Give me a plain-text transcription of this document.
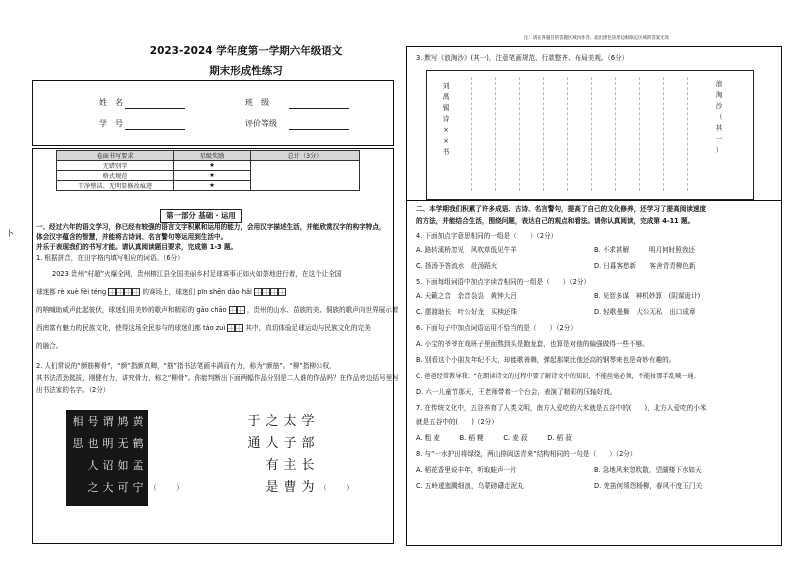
卜
2023-2024 学年度第一学期六年级语文
期末形成性练习
姓　名	班　级
学　号	评价等级
卷面书写要求	星级奖励	总计（3分）
无错别字	★	
格式规范	★	
干净整洁、无明显修改痕迹	★	
第一部分 基础 · 运用
一、经过六年的语文学习，你已经有较强的语言文字积累和运用的能力，会用汉字描述生活，并能欣赏汉字的构字特点，体会汉字蕴含的智慧，并能将古诗词、名言警句等运用到生活中。
并乐于表现我们的书写才能。请认真阅读题目要求，完成第 1-3 题。
1. 根据拼音，在田字格内填写相应的词语。（6分）
2023 贵州“村超”火爆全网，贵州榕江县全国美丽乡村足球赛事正如火如荼地进行着，在这个让全国
球迷都 rè xuè fèi téng	的赛场上，球迷们 pīn shēn dào hǎi
的呐喊助威声此起彼伏，球迷们用美妙的歌声和精彩的 gāo chāo	，贵州的山水、苗族的美、侗族的歌声向世界展示着
西南富有魅力的民族文化，使得这场全民参与的球迷们都 táo zuì	其中，真切体验足球运动与民族文化的完美
的融合。
2. 人们常说的“颜筋柳骨”，“颜”指颜真卿，“筋”指书法笔画丰满而有力，称为“颜筋”。“柳”指柳公权，
其书法清劲挺拔，刚健有力，讲究骨力，称之“柳骨”。你能判断出下面两幅作品分别是二人谁的作品吗？在作品旁边括号里写
出书法家的名字。（2分）
黄
鹤
孟
宁
鸠
无
如
可
谓
明
诏
大
号
也
人
之
相
思
（　　　）
学
部
长
为
太
子
主
曹
之
人
有
是
于
通
（　　　）
注：请在各题目的答题区域内作答，超出黑色矩形边框限定区域的答案无效
3. 默写《浪淘沙》(其一)，注意笔画规范、行款整齐、布局美观。（6分）
浪
淘
沙
（
其
一
）
刘
禹
锡
诗
×
×
书
二、本学期我们积累了许多成语、古诗、名言警句，提高了自己的文化修养，还学习了提高阅读速度
的方法，并能结合生活，围绕问题，表达自己的观点和看法。请你认真阅读，完成第 4-11 题。
4. 下面加点字意思相同的一组是（　　）（2分）
A. 路转溪桥忽见　风吹草低见牛羊	B. 不求甚解　　　明月何时照我还
C. 扬汤予答流水　赴汤蹈火	D. 日暮客愁新　　客舍青青柳色新
5. 下面每组词语中加点字读音相同的一组是（　　）（2分）
A. 天籁之音　余音袅袅　黄钟大吕	B. 见智多谋　神机妙算　(阴谋诡计)
C. 摆渡助长　叶公好龙　买椟还珠	D. 轻歌曼舞　大公无私　出口成章
6. 下面句子中加点词语运用不恰当的是（　　）（2分）
A. 小宝的爷爷在戏班子里面熬到头是跑龙套，也算是对他的偏强做得一些不够。
B. 别看这个小朋友年纪不大，却能歌善舞，弹起那架比他还高的钢琴来也是奇妙有趣的。
C. 爸爸经常教导我：“在朗读诗文的过程中要了解诗文中的知识，不能丝毫必须，不能扯那手乱喊一通。
D. 六一儿童节那天，王老师带着一个台会，表演了精彩的压轴好戏。
7. 在传统文化中，五谷养育了人类文明，南方人爱吃的大米就是五谷中的(　　)，北方人爱吃的小米
就是五谷中的(　　)（2分）
A. 粗 麦　　　B. 稻 粳　　　C. 麦 菽　　　D. 稻 菽
8. 与“一水护田将绿绕，两山排闼送青来”结构相同的一句是（　　）（2分）
A. 稻花香里说丰年，听取蛙声一片	B. 急地风来忽吹散，望湖楼下水如天
C. 五岭逶迤腾细浪，乌蒙磅礴走泥丸	D. 羌笛何须怨杨柳，春风不度玉门关
